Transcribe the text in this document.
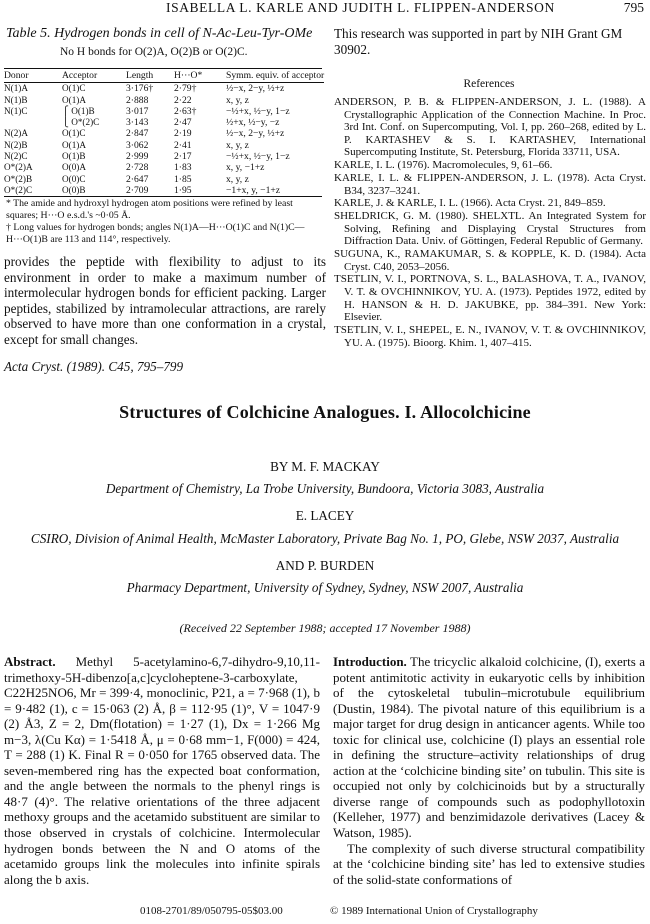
ISABELLA L. KARLE AND JUDITH L. FLIPPEN-ANDERSON	795
Table 5. Hydrogen bonds in cell of N-Ac-Leu-Tyr-OMe
No H bonds for O(2)A, O(2)B or O(2)C.
Donor	Acceptor	Length	H···O*	Symm. equiv. of acceptor
N(1)A	O(1)C	3·176†	2·79†	½−x, 2−y, ½+z
N(1)B	O(1)A	2·888	2·22	x, y, z
N(1)C	⎧ O(1)B	3·017	2·63†	−½+x, ½−y, 1−z
	⎩ O*(2)C	3·143	2·47	½+x, ½−y, −z
N(2)A	O(1)C	2·847	2·19	½−x, 2−y, ½+z
N(2)B	O(1)A	3·062	2·41	x, y, z
N(2)C	O(1)B	2·999	2·17	−½+x, ½−y, 1−z
O*(2)A	O(0)A	2·728	1·83	x, y, −1+z
O*(2)B	O(0)C	2·647	1·85	x, y, z
O*(2)C	O(0)B	2·709	1·95	−1+x, y, −1+z
* The amide and hydroxyl hydrogen atom positions were refined by least squares; H···O e.s.d.'s ~0·05 Å.
† Long values for hydrogen bonds; angles N(1)A—H···O(1)C and N(1)C—H···O(1)B are 113 and 114°, respectively.
provides the peptide with flexibility to adjust to its environment in order to make a maximum number of intermolecular hydrogen bonds for efficient packing. Larger peptides, stabilized by intramolecular attractions, are rarely observed to have more than one conformation in a crystal, except for small changes.
This research was supported in part by NIH Grant GM 30902.
References
ANDERSON, P. B. & FLIPPEN-ANDERSON, J. L. (1988). A Crystallographic Application of the Connection Machine. In Proc. 3rd Int. Conf. on Supercomputing, Vol. I, pp. 260–268, edited by L. P. KARTASHEV & S. I. KARTASHEV, International Supercomputing Institute, St. Petersburg, Florida 33711, USA.
KARLE, I. L. (1976). Macromolecules, 9, 61–66.
KARLE, I. L. & FLIPPEN-ANDERSON, J. L. (1978). Acta Cryst. B34, 3237–3241.
KARLE, J. & KARLE, I. L. (1966). Acta Cryst. 21, 849–859.
SHELDRICK, G. M. (1980). SHELXTL. An Integrated System for Solving, Refining and Displaying Crystal Structures from Diffraction Data. Univ. of Göttingen, Federal Republic of Germany.
SUGUNA, K., RAMAKUMAR, S. & KOPPLE, K. D. (1984). Acta Cryst. C40, 2053–2056.
TSETLIN, V. I., PORTNOVA, S. L., BALASHOVA, T. A., IVANOV, V. T. & OVCHINNIKOV, YU. A. (1973). Peptides 1972, edited by H. HANSON & H. D. JAKUBKE, pp. 384–391. New York: Elsevier.
TSETLIN, V. I., SHEPEL, E. N., IVANOV, V. T. & OVCHINNIKOV, YU. A. (1975). Bioorg. Khim. 1, 407–415.
Acta Cryst. (1989). C45, 795–799
Structures of Colchicine Analogues. I. Allocolchicine
BY M. F. MACKAY
Department of Chemistry, La Trobe University, Bundoora, Victoria 3083, Australia
E. LACEY
CSIRO, Division of Animal Health, McMaster Laboratory, Private Bag No. 1, PO, Glebe, NSW 2037, Australia
AND P. BURDEN
Pharmacy Department, University of Sydney, Sydney, NSW 2007, Australia
(Received 22 September 1988; accepted 17 November 1988)
Abstract. Methyl 5-acetylamino-6,7-dihydro-9,10,11-trimethoxy-5H-dibenzo[a,c]cycloheptene-3-carboxylate, C22H25NO6, Mr = 399·4, monoclinic, P21, a = 7·968 (1), b = 9·482 (1), c = 15·063 (2) Å, β = 112·95 (1)°, V = 1047·9 (2) Å3, Z = 2, Dm(flotation) = 1·27 (1), Dx = 1·266 Mg m−3, λ(Cu Kα) = 1·5418 Å, μ = 0·68 mm−1, F(000) = 424, T = 288 (1) K. Final R = 0·050 for 1765 observed data. The seven-membered ring has the expected boat conformation, and the angle between the normals to the phenyl rings is 48·7 (4)°. The relative orientations of the three adjacent methoxy groups and the acetamido substituent are similar to those observed in crystals of colchicine. Intermolecular hydrogen bonds between the N and O atoms of the acetamido groups link the molecules into infinite spirals along the b axis.
Introduction. The tricyclic alkaloid colchicine, (I), exerts a potent antimitotic activity in eukaryotic cells by inhibition of the cytoskeletal tubulin–microtubule equilibrium (Dustin, 1984). The pivotal nature of this equilibrium is a major target for drug design in anticancer agents. While too toxic for clinical use, colchicine (I) plays an essential role in defining the structure–activity relationships of drug action at the ‘colchicine binding site’ on tubulin. This site is occupied not only by colchicinoids but by a structurally diverse range of compounds such as podophyllotoxin (Kelleher, 1977) and benzimidazole derivatives (Lacey & Watson, 1985).
The complexity of such diverse structural compatibility at the ‘colchicine binding site’ has led to extensive studies of the solid-state conformations of
0108-2701/89/050795-05$03.00	© 1989 International Union of Crystallography
